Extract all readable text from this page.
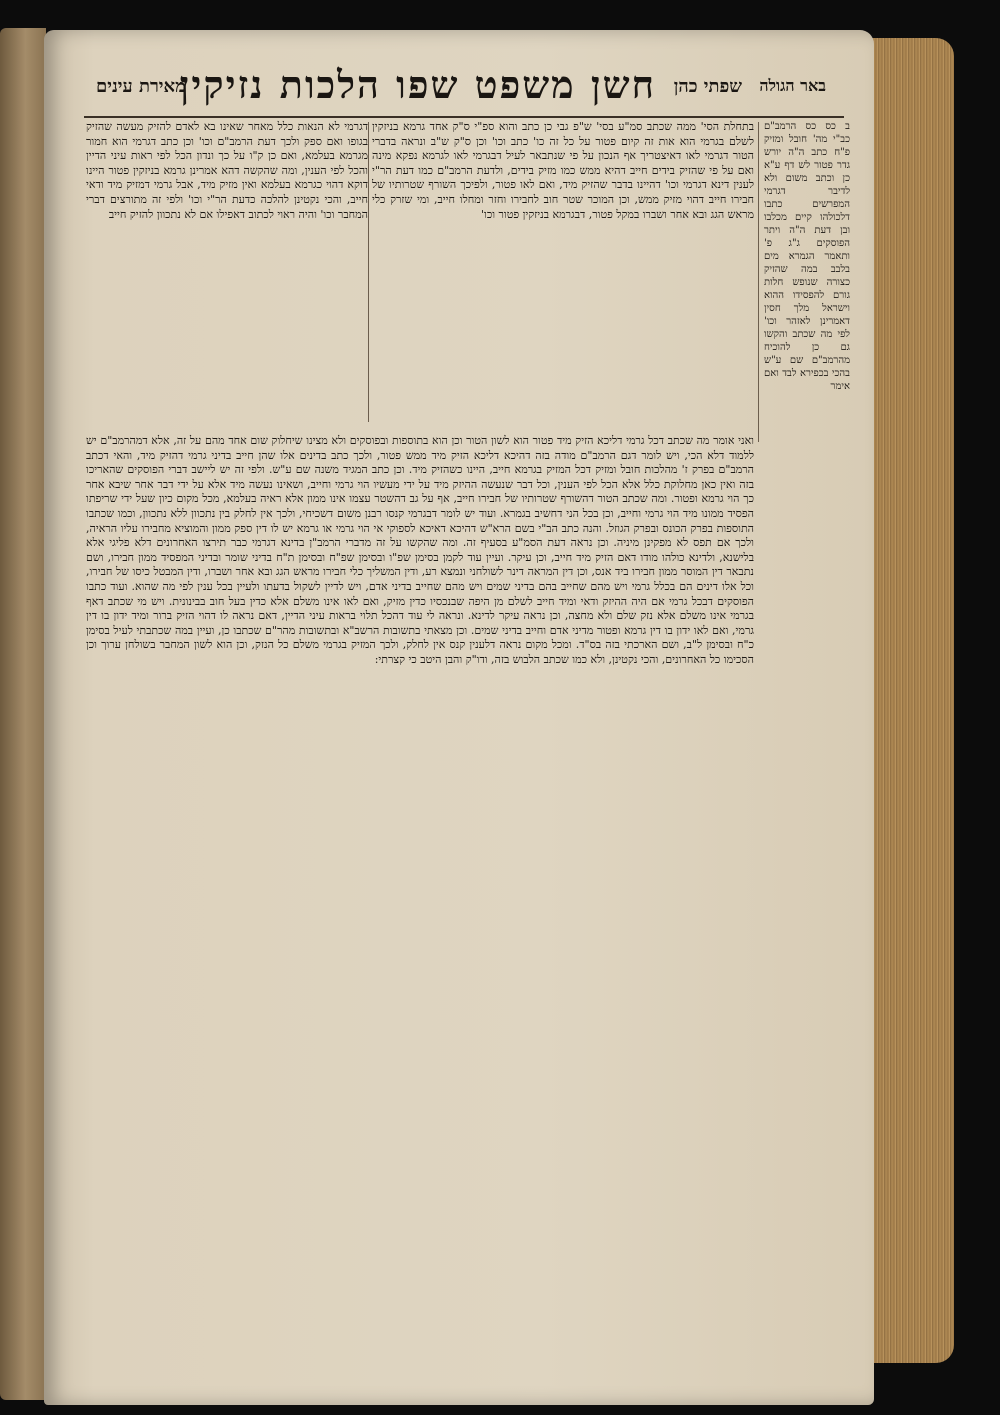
באר הגולה
שפתי כהן
חשן משפט שפו הלכות נזיקין
מאירת עינים

ב כס כס הרמב"ם כב"י מה' חובל ומזיק פ"ח כתב ה"ה יורש גדר פטור לש דף ע"א כן וכתב משום ולא לדיבר דגרמי המפרשים כתבו דלכולהו קיים מכלבו ובן דעת ה"ה ויתר הפוסקים ג"ג פ' ותאמר הגמרא מים בלבב במה שהזיק כצורה שנופש חלות גורם להפסידו ההוא וישראל מלך חסין דאמרינן לאזהר וכו' לפי מה שכתב והקשו גם כן להוכיח מהרמב"ם שם ע"ש בהכי בכפירא לבד ואם אימר

בתחלת הסי' ממה שכתב סמ"ע בסי' ש"פ גבי כן כתב והוא ספ"י ס"ק אחד גרמא בניזקין לשלם בגרמי הוא אות זה קיום פטור על כל זה כו' כתב וכו' וכן ס"ק ש"ב ונראה בדברי הטור דגרמי לאו דאיצטריך אף הנכון על פי שנתבאר לעיל דבגרמי לאו לגרמא נפקא מינה ואם על פי שהזיק בידים חייב דהיא ממש כמו מזיק בידים, ולדעת הרמב"ם כמו דעת הר"י לענין דינא דגרמי וכו' דהיינו בדבר שהזיק מיד, ואם לאו פטור, ולפיכך השורף שטרותיו של חבירו חייב דהוי מזיק ממש, וכן המוכר שטר חוב לחבירו וחזר ומחלו חייב, ומי שזרק כלי מראש הגג ובא אחר ושברו במקל פטור, דבגרמא בניזקין פטור וכו'

דגרמי לא הנאות כלל מאחר שאינו בא לאדם להזיק מעשה שהזיק בגופו ואם ספק ולכך דעת הרמב"ם וכו' וכן כתב דגרמי הוא חמור מגרמא בעלמא, ואם כן ק"ו על כך ונדון הכל לפי ראות עיני הדיין והכל לפי הענין, ומה שהקשה דהא אמרינן גרמא בניזקין פטור היינו דוקא דהוי כגרמא בעלמא ואין מזיק מיד, אבל גרמי דמזיק מיד ודאי חייב, והכי נקטינן להלכה כדעת הר"י וכו' ולפי זה מתורצים דברי המחבר וכו' והיה ראוי לכתוב דאפילו אם לא נתכוון להזיק חייב

ואני אומר מה שכתב דכל גרמי דליכא הזיק מיד פטור הוא לשון הטור וכן הוא בתוספות ובפוסקים ולא מצינו שיחלוק שום אחד מהם על זה, אלא דמהרמב"ם יש ללמוד דלא הכי, ויש לומר דגם הרמב"ם מודה בזה דהיכא דליכא הזיק מיד ממש פטור, ולכך כתב בדינים אלו שהן חייב בדיני גרמי דהזיק מיד, והאי דכתב הרמב"ם בפרק ז' מהלכות חובל ומזיק דכל המזיק בגרמא חייב, היינו כשהזיק מיד. וכן כתב המגיד משנה שם ע"ש. ולפי זה יש ליישב דברי הפוסקים שהאריכו בזה ואין כאן מחלוקת כלל אלא הכל לפי הענין, וכל דבר שנעשה ההיזק מיד על ידי מעשיו הוי גרמי וחייב, ושאינו נעשה מיד אלא על ידי דבר אחר שיבא אחר כך הוי גרמא ופטור. ומה שכתב הטור דהשורף שטרותיו של חבירו חייב, אף על גב דהשטר עצמו אינו ממון אלא ראיה בעלמא, מכל מקום כיון שעל ידי שריפתו הפסיד ממונו מיד הוי גרמי וחייב, וכן בכל הני דחשיב בגמרא. ועוד יש לומר דבגרמי קנסו רבנן משום דשכיחי, ולכך אין לחלק בין נתכוון ללא נתכוון, וכמו שכתבו התוספות בפרק הכונס ובפרק הגוזל. והנה כתב הב"י בשם הרא"ש דהיכא דאיכא לספוקי אי הוי גרמי או גרמא יש לו דין ספק ממון והמוציא מחבירו עליו הראיה, ולכך אם תפס לא מפקינן מיניה. וכן נראה דעת הסמ"ע בסעיף זה. ומה שהקשו על זה מדברי הרמב"ן בדינא דגרמי כבר תירצו האחרונים דלא פליגי אלא בלישנא, ולדינא כולהו מודו דאם הזיק מיד חייב, וכן עיקר. ועיין עוד לקמן בסימן שפ"ו ובסימן שפ"ח ובסימן ת"ח בדיני שומר ובדיני המפסיד ממון חבירו, ושם נתבאר דין המוסר ממון חבירו ביד אנס, וכן דין המראה דינר לשולחני ונמצא רע, ודין המשליך כלי חבירו מראש הגג ובא אחר ושברו, ודין המבטל כיסו של חבירו, וכל אלו דינים הם בכלל גרמי ויש מהם שחייב בהם בדיני שמים ויש מהם שחייב בדיני אדם, ויש לדיין לשקול בדעתו ולעיין בכל ענין לפי מה שהוא. ועוד כתבו הפוסקים דבכל גרמי אם היה ההיזק ודאי ומיד חייב לשלם מן היפה שבנכסיו כדין מזיק, ואם לאו אינו משלם אלא כדין בעל חוב בבינונית. ויש מי שכתב דאף בגרמי אינו משלם אלא נזק שלם ולא מחצה, וכן נראה עיקר לדינא. ונראה לי עוד דהכל תלוי בראות עיני הדיין, דאם נראה לו דהוי הזיק ברור ומיד ידון בו דין גרמי, ואם לאו ידון בו דין גרמא ופטור מדיני אדם וחייב בדיני שמים. וכן מצאתי בתשובות הרשב"א ובתשובות מהר"ם שכתבו כן, ועיין במה שכתבתי לעיל בסימן כ"ח ובסימן ל"ב, ושם הארכתי בזה בס"ד. ומכל מקום נראה דלענין קנס אין לחלק, ולכך המזיק בגרמי משלם כל הנזק, וכן הוא לשון המחבר בשולחן ערוך וכן הסכימו כל האחרונים, והכי נקטינן, ולא כמו שכתב הלבוש בזה, ודו"ק והבן היטב כי קצרתי:
